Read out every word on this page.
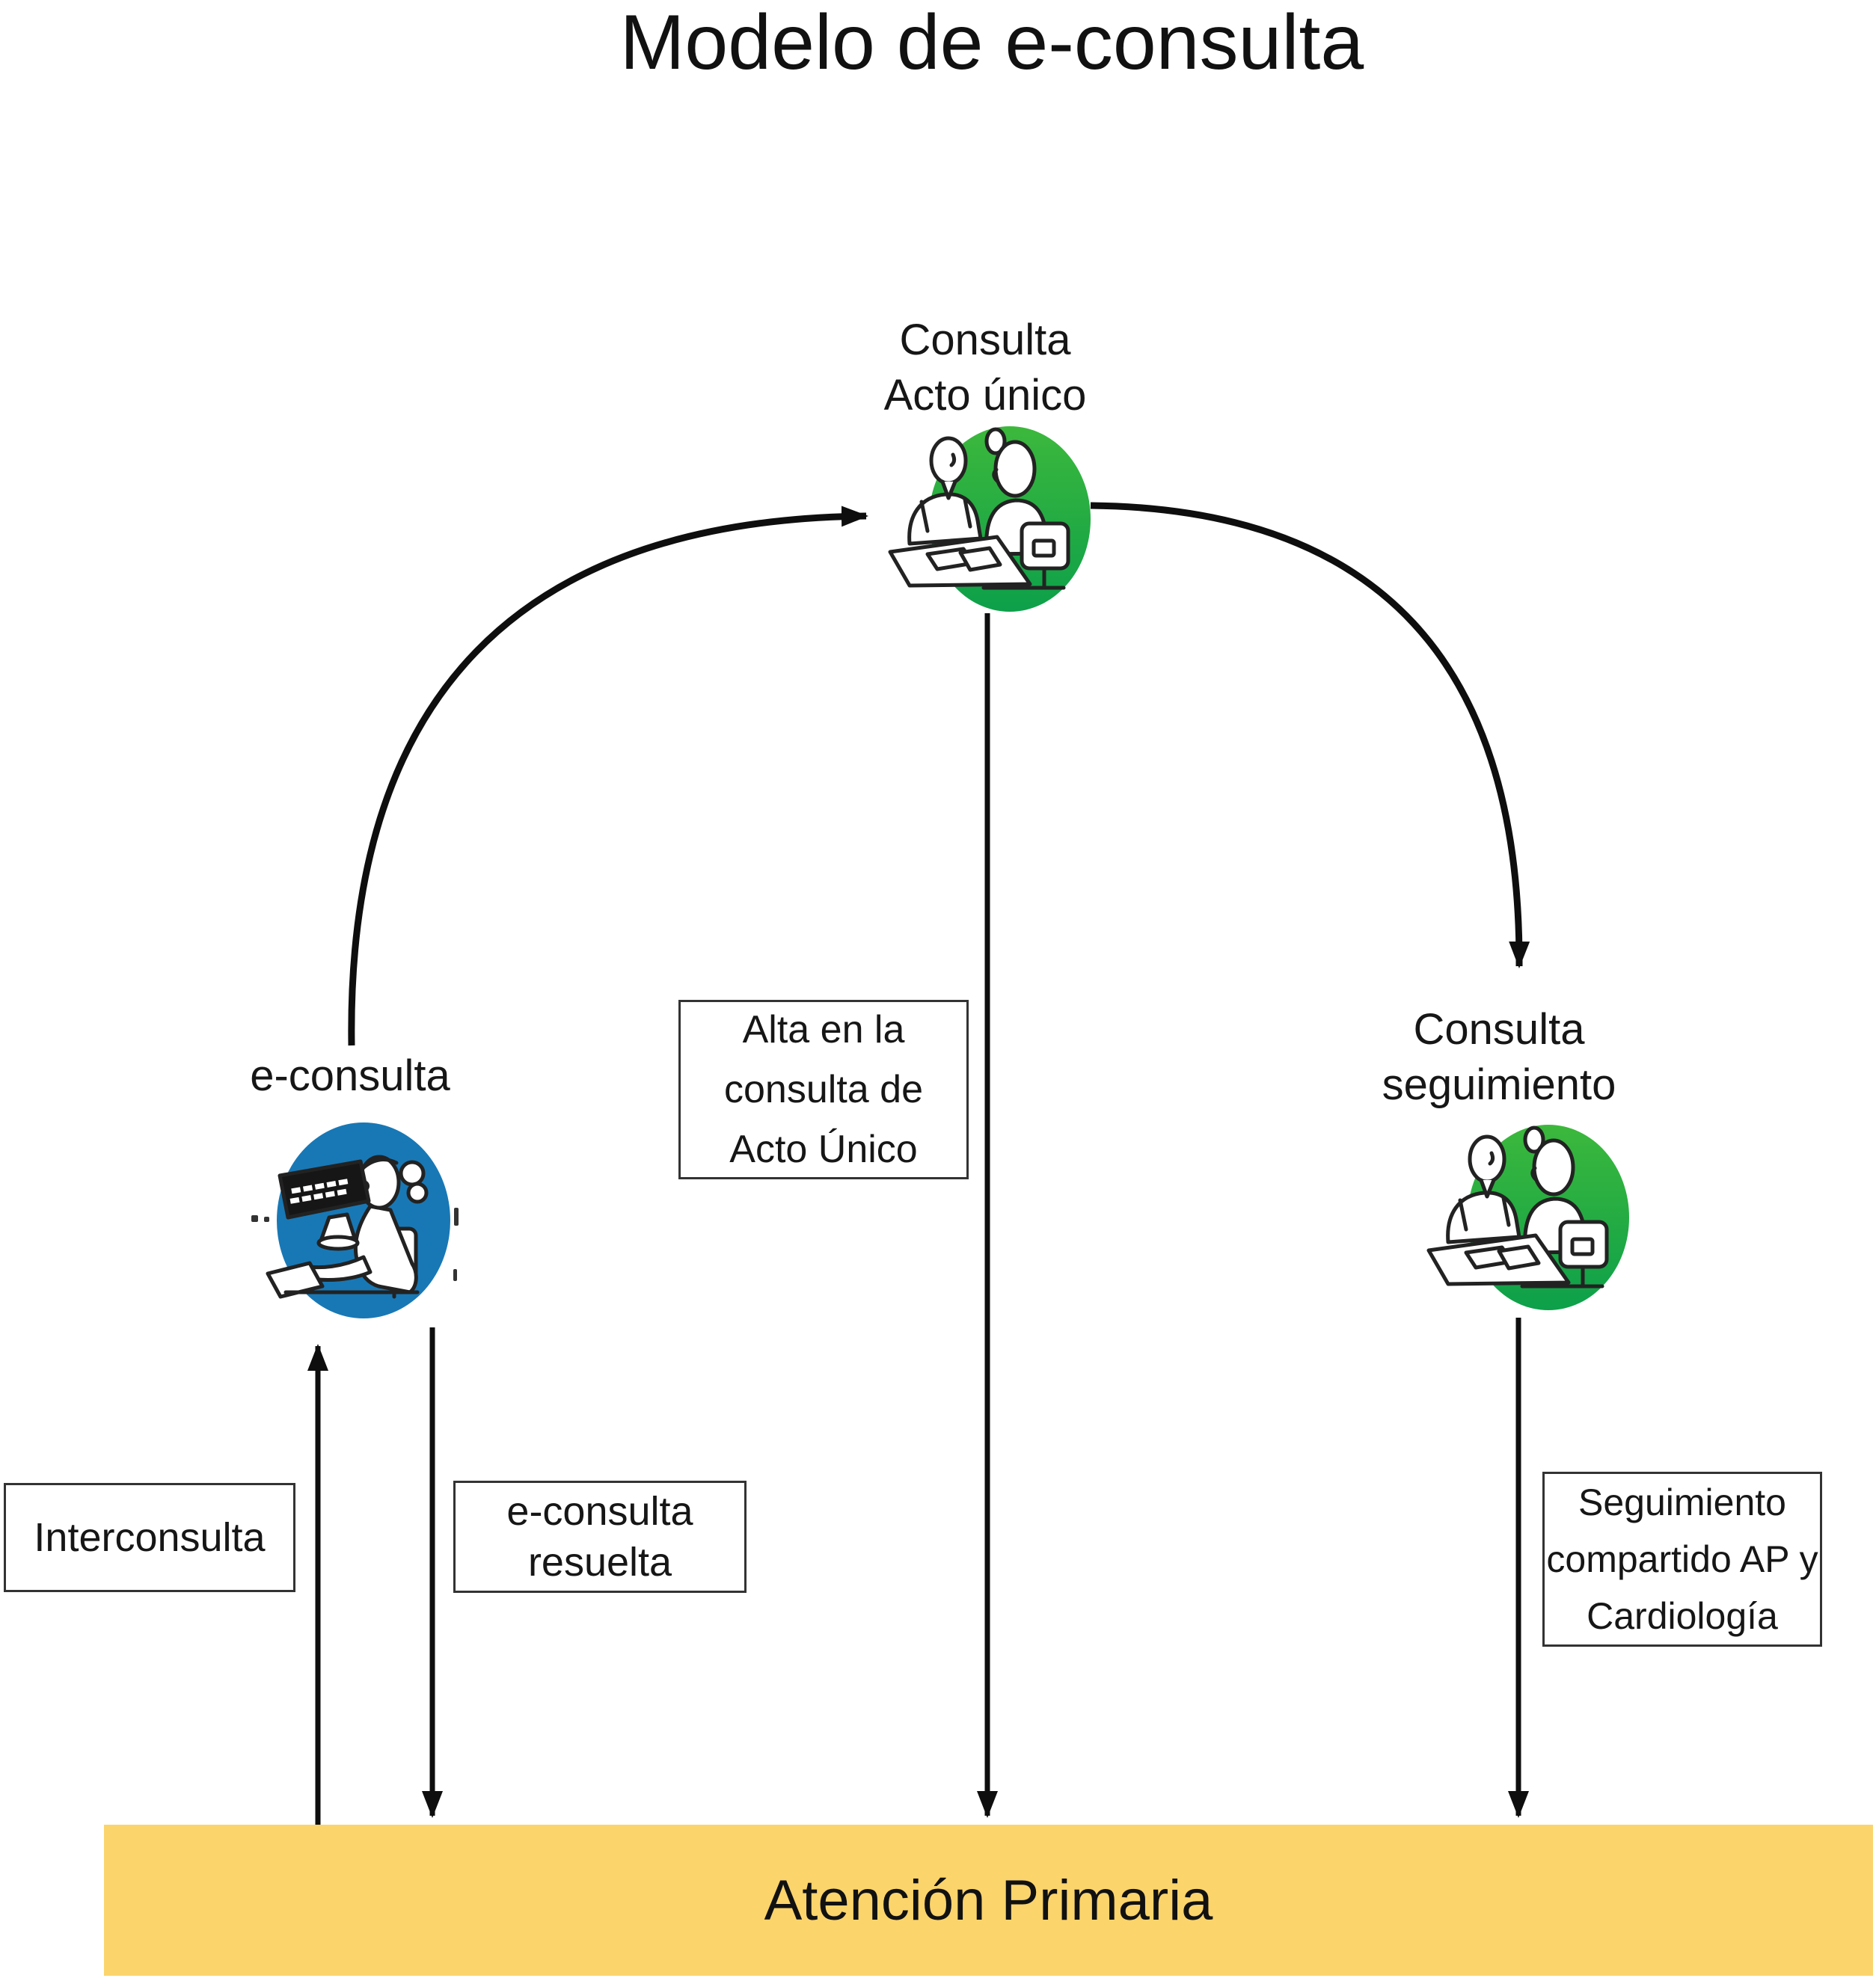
Modelo de e-consulta
Consulta
Acto único
e-consulta
Consulta
seguimiento
Interconsulta
e-consulta
resuelta
Alta en la
consulta de
Acto Único
Seguimiento
compartido AP y
Cardiología
Atención Primaria
